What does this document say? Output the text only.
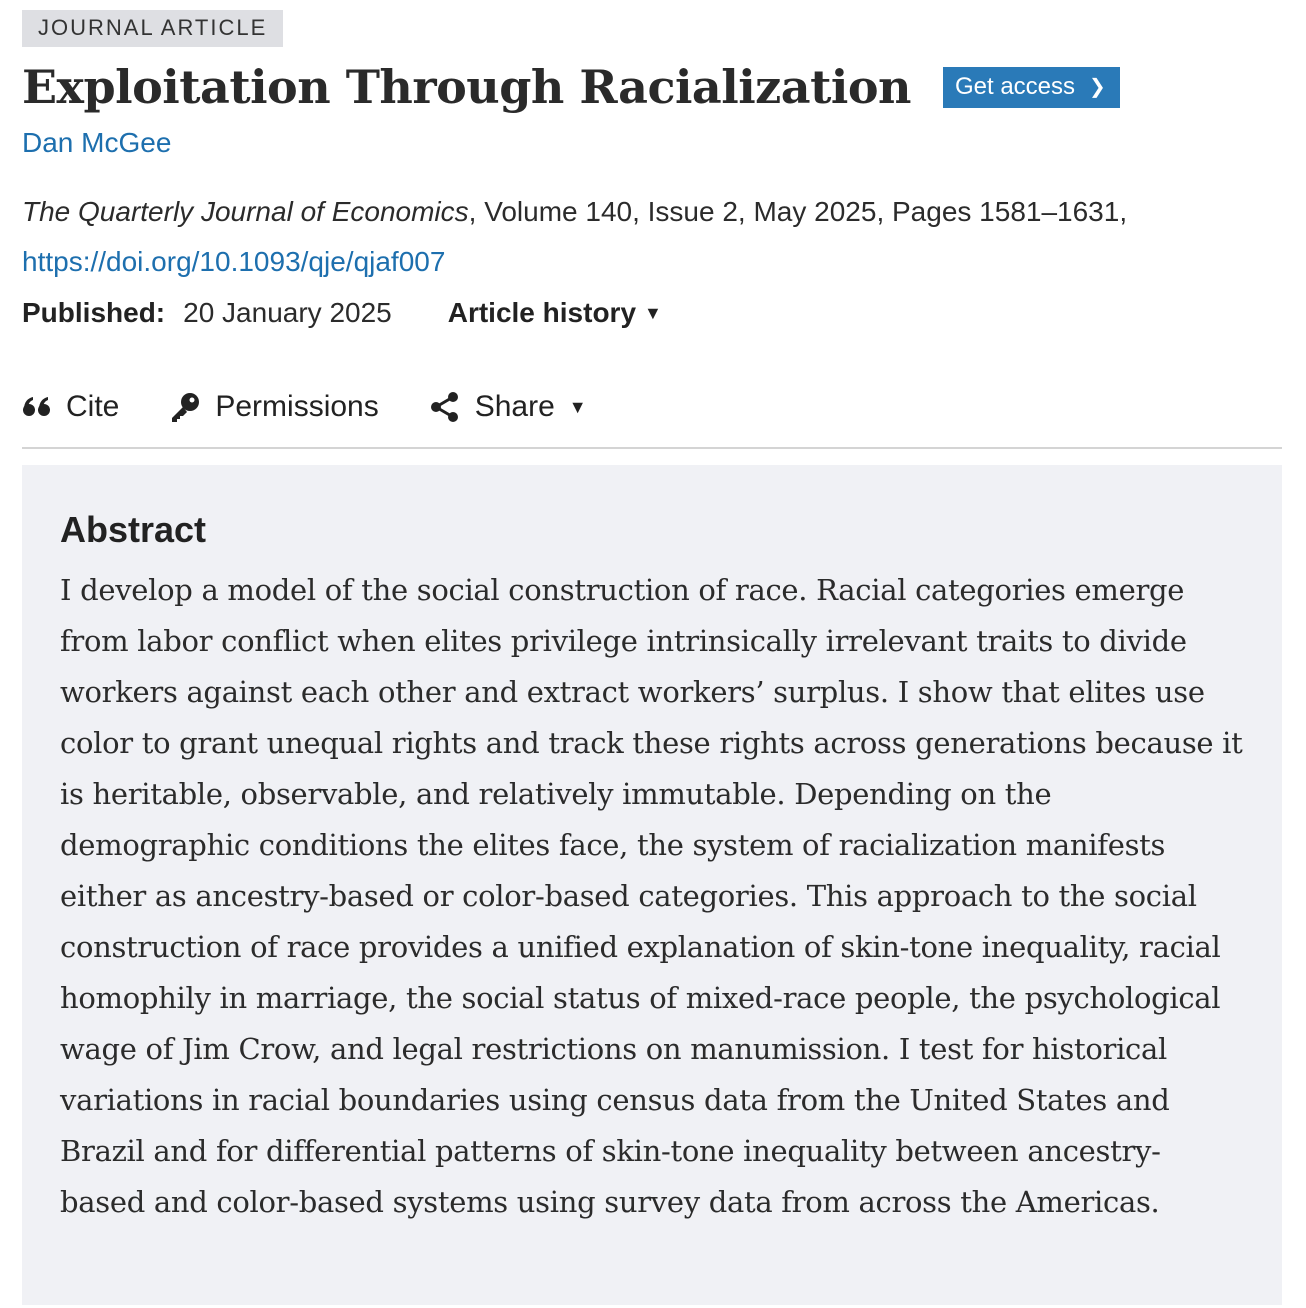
JOURNAL ARTICLE
Exploitation Through Racialization Get access ❯
Dan McGee
The Quarterly Journal of Economics, Volume 140, Issue 2, May 2025, Pages 1581–1631,
https://doi.org/10.1093/qje/qjaf007
Published: 20 January 2025 Article history ▼
Cite	Permissions	Share ▼
Abstract

I develop a model of the social construction of race. Racial categories emerge from labor conflict when elites privilege intrinsically irrelevant traits to divide workers against each other and extract workers’ surplus. I show that elites use color to grant unequal rights and track these rights across generations because it is heritable, observable, and relatively immutable. Depending on the demographic conditions the elites face, the system of racialization manifests either as ancestry-based or color-based categories. This approach to the social construction of race provides a unified explanation of skin-tone inequality, racial homophily in marriage, the social status of mixed-race people, the psychological wage of Jim Crow, and legal restrictions on manumission. I test for historical variations in racial boundaries using census data from the United States and Brazil and for differential patterns of skin-tone inequality between ancestry-based and color-based systems using survey data from across the Americas.
